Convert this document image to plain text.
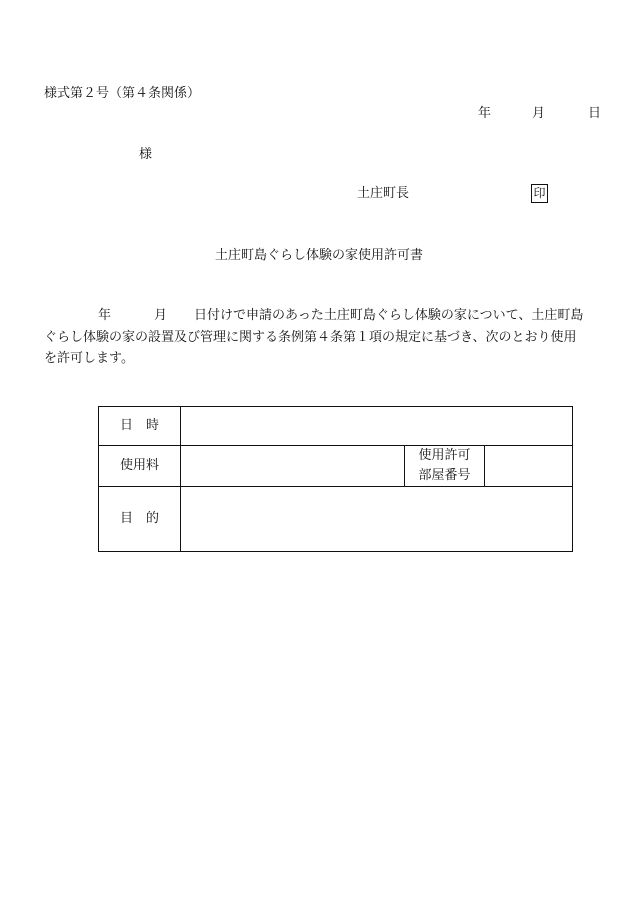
様式第２号（第４条関係）
年	月	日
様
土庄町長	印
土庄町島ぐらし体験の家使用許可書
年	月 日付けで申請のあった土庄町島ぐらし体験の家について、土庄町島
ぐらし体験の家の設置及び管理に関する条例第４条第１項の規定に基づき、次のとおり使用
を許可します。
日　時			
使用料		使用許可
部屋番号	

目　的			
